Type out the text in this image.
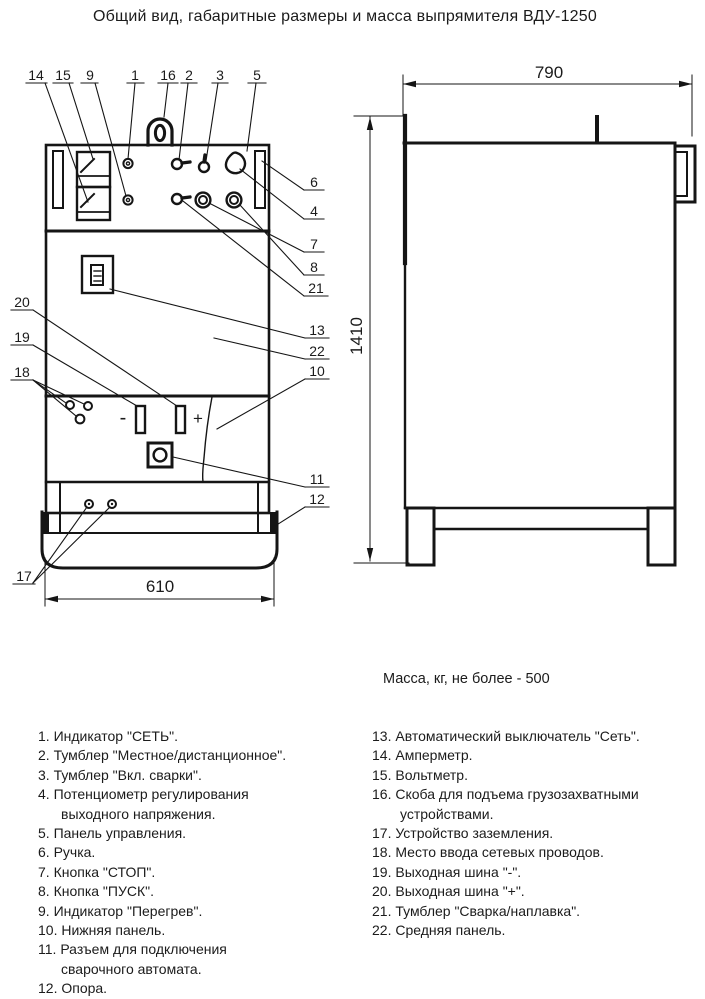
Общий вид, габаритные размеры и масса выпрямителя ВДУ-1250
-	+
610
14 15 9	1 16 2 3 5
6
4
7
8
21
13
22
10
11
12
20
19
18
17
790
1410
Масса, кг, не более - 500
1. Индикатор "СЕТЬ".
2. Тумблер "Местное/дистанционное".
3. Тумблер "Вкл. сварки".
4. Потенциометр регулирования
выходного напряжения.
5. Панель управления.
6. Ручка.
7. Кнопка "СТОП".
8. Кнопка "ПУСК".
9. Индикатор "Перегрев".
10. Нижняя панель.
11. Разъем для подключения
сварочного автомата.
12. Опора.
13. Автоматический выключатель "Сеть".
14. Амперметр.
15. Вольтметр.
16. Скоба для подъема грузозахватными
устройствами.
17. Устройство заземления.
18. Место ввода сетевых проводов.
19. Выходная шина "-".
20. Выходная шина "+".
21. Тумблер "Сварка/наплавка".
22. Средняя панель.
